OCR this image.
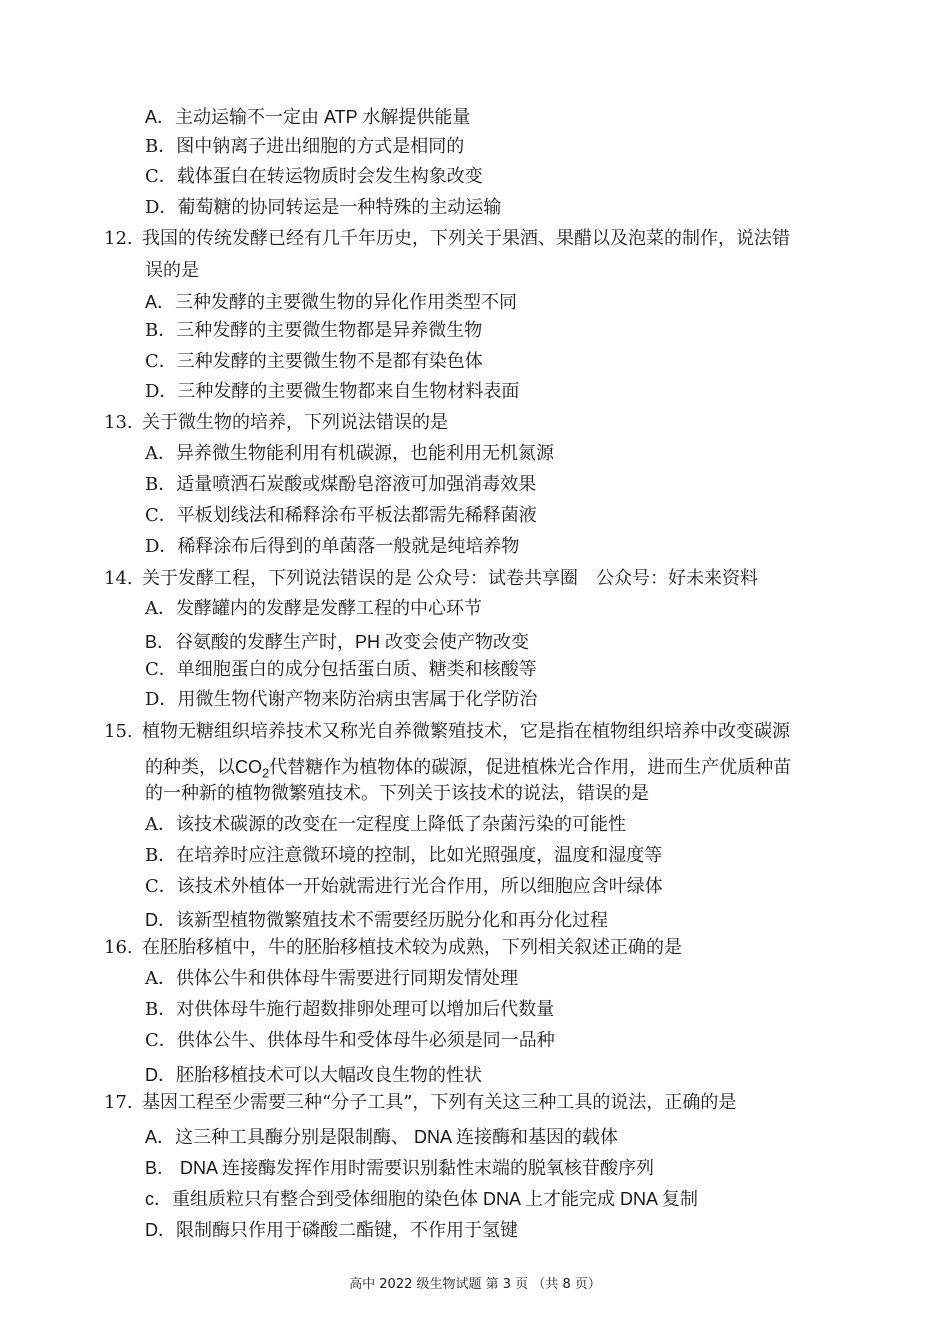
A．主动运输不一定由 ATP 水解提供能量
B．图中钠离子进出细胞的方式是相同的
C．载体蛋白在转运物质时会发生构象改变
D．葡萄糖的协同转运是一种特殊的主动运输
12. 我国的传统发酵已经有几千年历史，下列关于果酒、果醋以及泡菜的制作，说法错
误的是
A．三种发酵的主要微生物的异化作用类型不同
B．三种发酵的主要微生物都是异养微生物
C．三种发酵的主要微生物不是都有染色体
D．三种发酵的主要微生物都来自生物材料表面
13. 关于微生物的培养，下列说法错误的是
A．异养微生物能利用有机碳源，也能利用无机氮源
B．适量喷洒石炭酸或煤酚皂溶液可加强消毒效果
C．平板划线法和稀释涂布平板法都需先稀释菌液
D．稀释涂布后得到的单菌落一般就是纯培养物
14. 关于发酵工程，下列说法错误的是 公众号：试卷共享圈 公众号：好未来资料
A．发酵罐内的发酵是发酵工程的中心环节
B．谷氨酸的发酵生产时，PH 改变会使产物改变
C．单细胞蛋白的成分包括蛋白质、糖类和核酸等
D．用微生物代谢产物来防治病虫害属于化学防治
15. 植物无糖组织培养技术又称光自养微繁殖技术，它是指在植物组织培养中改变碳源
的种类，以$CO_2$代替糖作为植物体的碳源，促进植株光合作用，进而生产优质种苗
的一种新的植物微繁殖技术。下列关于该技术的说法，错误的是
A．该技术碳源的改变在一定程度上降低了杂菌污染的可能性
B．在培养时应注意微环境的控制，比如光照强度，温度和湿度等
C．该技术外植体一开始就需进行光合作用，所以细胞应含叶绿体
D．该新型植物微繁殖技术不需要经历脱分化和再分化过程
16. 在胚胎移植中，牛的胚胎移植技术较为成熟，下列相关叙述正确的是
A．供体公牛和供体母牛需要进行同期发情处理
B．对供体母牛施行超数排卵处理可以增加后代数量
C．供体公牛、供体母牛和受体母牛必须是同一品种
D．胚胎移植技术可以大幅改良生物的性状
17. 基因工程至少需要三种“分子工具”，下列有关这三种工具的说法，正确的是
A．这三种工具酶分别是限制酶、 DNA 连接酶和基因的载体
B． DNA 连接酶发挥作用时需要识别黏性末端的脱氧核苷酸序列
c．重组质粒只有整合到受体细胞的染色体 DNA 上才能完成 DNA 复制
D．限制酶只作用于磷酸二酯键，不作用于氢键
高中 2022 级生物试题 第 3 页 （共 8 页）
